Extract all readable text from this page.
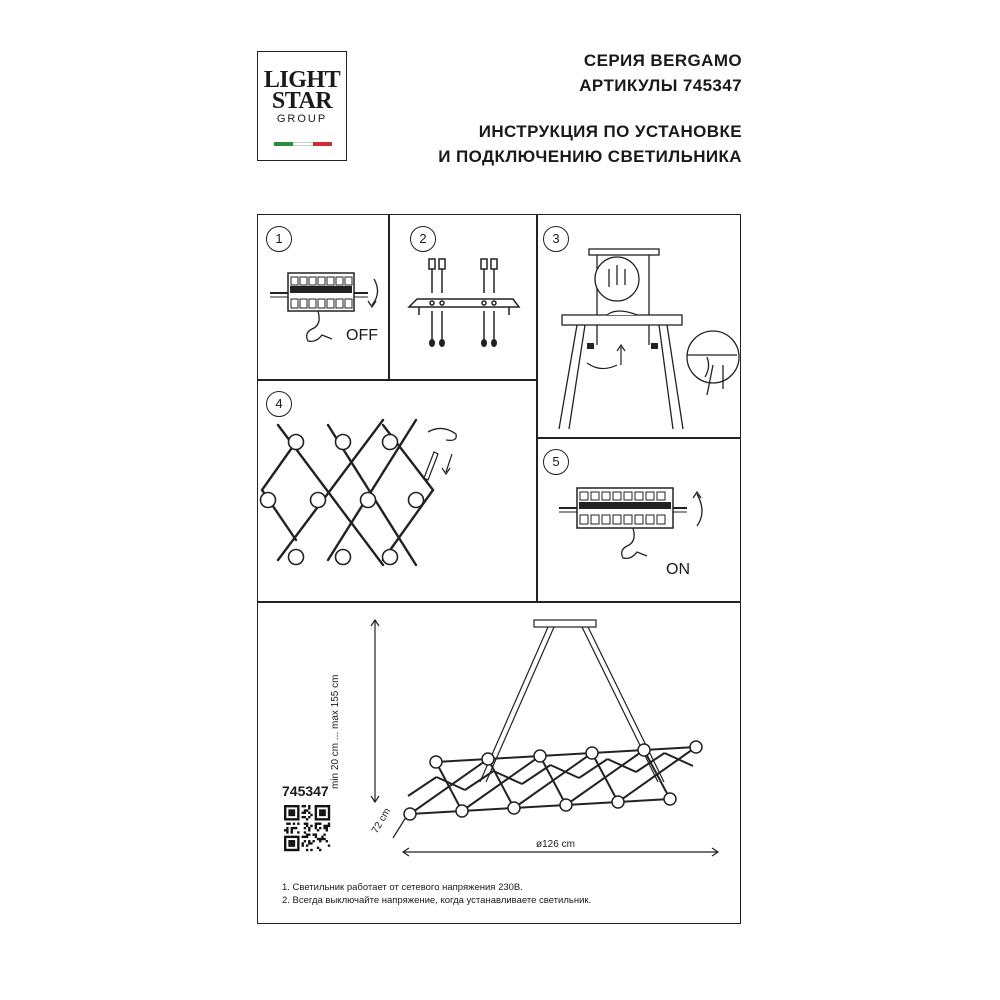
LIGHT
STAR
GROUP
СЕРИЯ BERGAMO
АРТИКУЛЫ 745347
ИНСТРУКЦИЯ ПО УСТАНОВКЕ
И ПОДКЛЮЧЕНИЮ СВЕТИЛЬНИКА
1	2	3
4
5
OFF
ON
min 20 cm ... max 155 cm
72 cm
ø126 cm
745347
1. Светильник работает от сетевого напряжения 230В.
2. Всегда выключайте напряжение, когда устанавливаете светильник.
